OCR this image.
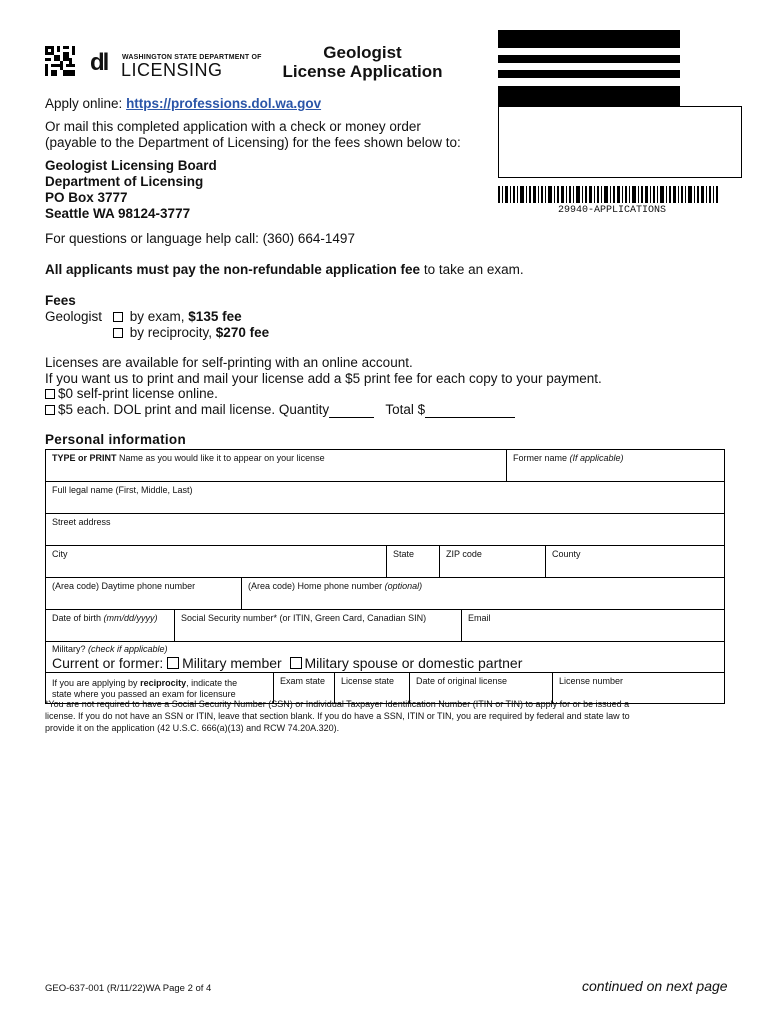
dl WASHINGTON STATE DEPARTMENT OF
LICENSING
Geologist
License Application
29940-APPLICATIONS
Apply online: https://professions.dol.wa.gov
Or mail this completed application with a check or money order
(payable to the Department of Licensing) for the fees shown below to:
Geologist Licensing Board
Department of Licensing
PO Box 3777
Seattle WA 98124-3777
For questions or language help call: (360) 664-1497
All applicants must pay the non-refundable application fee to take an exam.
Fees
Geologist	by exam, $135 fee
by reciprocity, $270 fee
Licenses are available for self-printing with an online account.
If you want us to print and mail your license add a $5 print fee for each copy to your payment.
$0 self-print license online.
$5 each. DOL print and mail license. Quantity	Total $
Personal information
TYPE or PRINT Name as you would like it to appear on your license	Former name (If applicable)
Full legal name (First, Middle, Last)
Street address
City	State	ZIP code	County
(Area code) Daytime phone number	(Area code) Home phone number (optional)
Date of birth (mm/dd/yyyy)	Social Security number* (or ITIN, Green Card, Canadian SIN)	Email
Military? (check if applicable)
Current or former: Military member Military spouse or domestic partner
If you are applying by reciprocity, indicate the
state where you passed an exam for licensure
Exam state	License state	Date of original license	License number
*You are not required to have a Social Security Number (SSN) or Individual Taxpayer Identification Number (ITIN or TIN) to apply for or be issued a
license. If you do not have an SSN or ITIN, leave that section blank. If you do have a SSN, ITIN or TIN, you are required by federal and state law to
provide it on the application (42 U.S.C. 666(a)(13) and RCW 74.20A.320).
GEO-637-001 (R/11/22)WA Page 2 of 4	continued on next page
